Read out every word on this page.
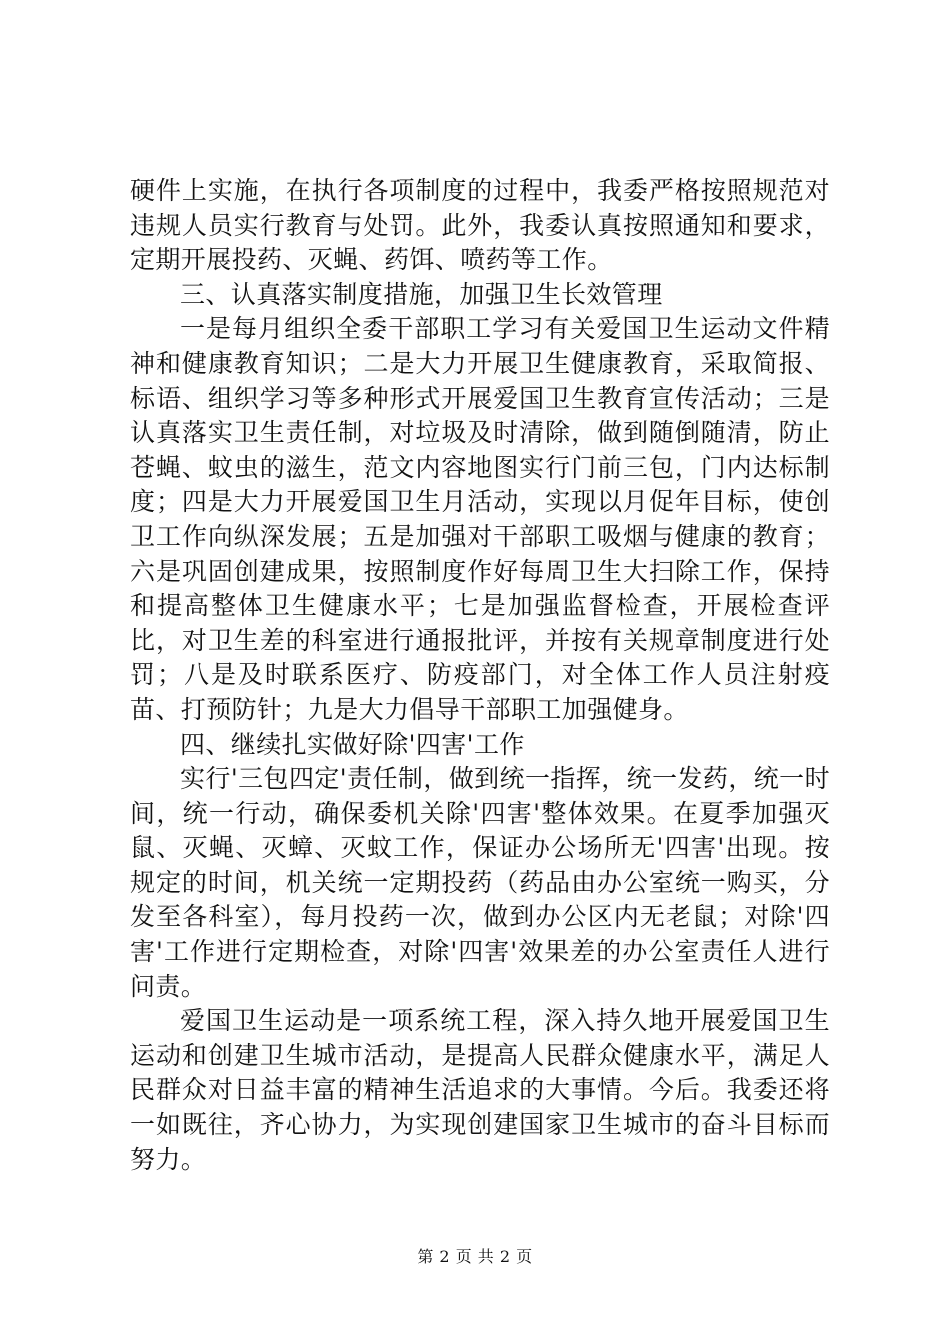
硬件上实施，在执行各项制度的过程中，我委严格按照规范对违规人员实行教育与处罚。此外，我委认真按照通知和要求，定期开展投药、灭蝇、药饵、喷药等工作。

三、认真落实制度措施，加强卫生长效管理

一是每月组织全委干部职工学习有关爱国卫生运动文件精神和健康教育知识；二是大力开展卫生健康教育，采取简报、标语、组织学习等多种形式开展爱国卫生教育宣传活动；三是认真落实卫生责任制，对垃圾及时清除，做到随倒随清，防止苍蝇、蚊虫的滋生，范文内容地图实行门前三包，门内达标制度；四是大力开展爱国卫生月活动，实现以月促年目标，使创卫工作向纵深发展；五是加强对干部职工吸烟与健康的教育；六是巩固创建成果，按照制度作好每周卫生大扫除工作，保持和提高整体卫生健康水平；七是加强监督检查，开展检查评比，对卫生差的科室进行通报批评，并按有关规章制度进行处罚；八是及时联系医疗、防疫部门，对全体工作人员注射疫苗、打预防针；九是大力倡导干部职工加强健身。

四、继续扎实做好除'四害'工作

实行'三包四定'责任制，做到统一指挥，统一发药，统一时间，统一行动，确保委机关除'四害'整体效果。在夏季加强灭鼠、灭蝇、灭蟑、灭蚊工作，保证办公场所无'四害'出现。按规定的时间，机关统一定期投药（药品由办公室统一购买，分发至各科室），每月投药一次，做到办公区内无老鼠；对除'四害'工作进行定期检查，对除'四害'效果差的办公室责任人进行问责。

爱国卫生运动是一项系统工程，深入持久地开展爱国卫生运动和创建卫生城市活动，是提高人民群众健康水平，满足人民群众对日益丰富的精神生活追求的大事情。今后。我委还将一如既往，齐心协力，为实现创建国家卫生城市的奋斗目标而努力。

第 2 页 共 2 页
